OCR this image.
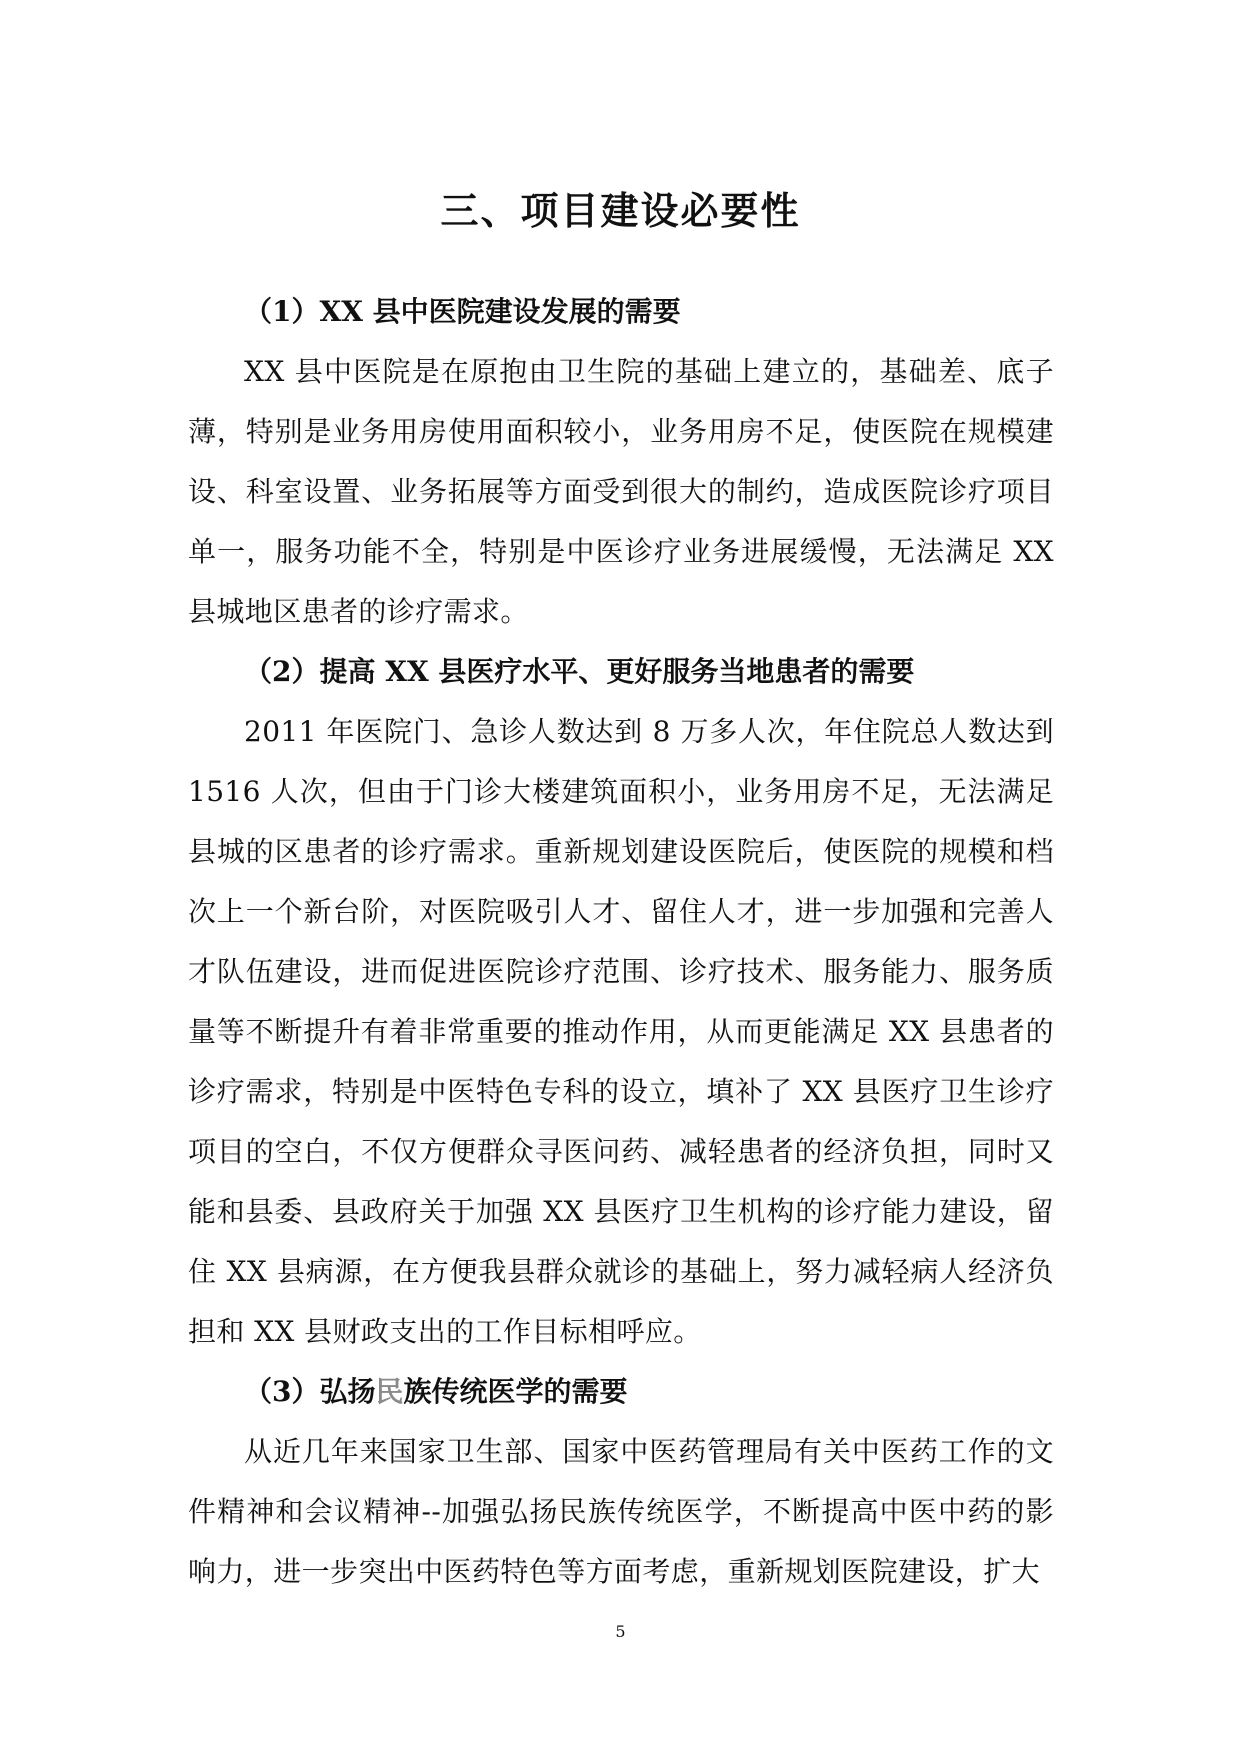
三、项目建设必要性

（1）XX 县中医院建设发展的需要

XX 县中医院是在原抱由卫生院的基础上建立的，基础差、底子薄，特别是业务用房使用面积较小，业务用房不足，使医院在规模建设、科室设置、业务拓展等方面受到很大的制约，造成医院诊疗项目单一，服务功能不全，特别是中医诊疗业务进展缓慢，无法满足 XX 县城地区患者的诊疗需求。

（2）提高 XX 县医疗水平、更好服务当地患者的需要

2011 年医院门、急诊人数达到 8 万多人次，年住院总人数达到 1516 人次，但由于门诊大楼建筑面积小，业务用房不足，无法满足县城的区患者的诊疗需求。重新规划建设医院后，使医院的规模和档次上一个新台阶，对医院吸引人才、留住人才，进一步加强和完善人才队伍建设，进而促进医院诊疗范围、诊疗技术、服务能力、服务质量等不断提升有着非常重要的推动作用，从而更能满足 XX 县患者的诊疗需求，特别是中医特色专科的设立，填补了 XX 县医疗卫生诊疗项目的空白，不仅方便群众寻医问药、减轻患者的经济负担，同时又能和县委、县政府关于加强 XX 县医疗卫生机构的诊疗能力建设，留住 XX 县病源，在方便我县群众就诊的基础上，努力减轻病人经济负担和 XX 县财政支出的工作目标相呼应。

（3）弘扬民族传统医学的需要

从近几年来国家卫生部、国家中医药管理局有关中医药工作的文件精神和会议精神--加强弘扬民族传统医学，不断提高中医中药的影响力，进一步突出中医药特色等方面考虑，重新规划医院建设，扩大

5
